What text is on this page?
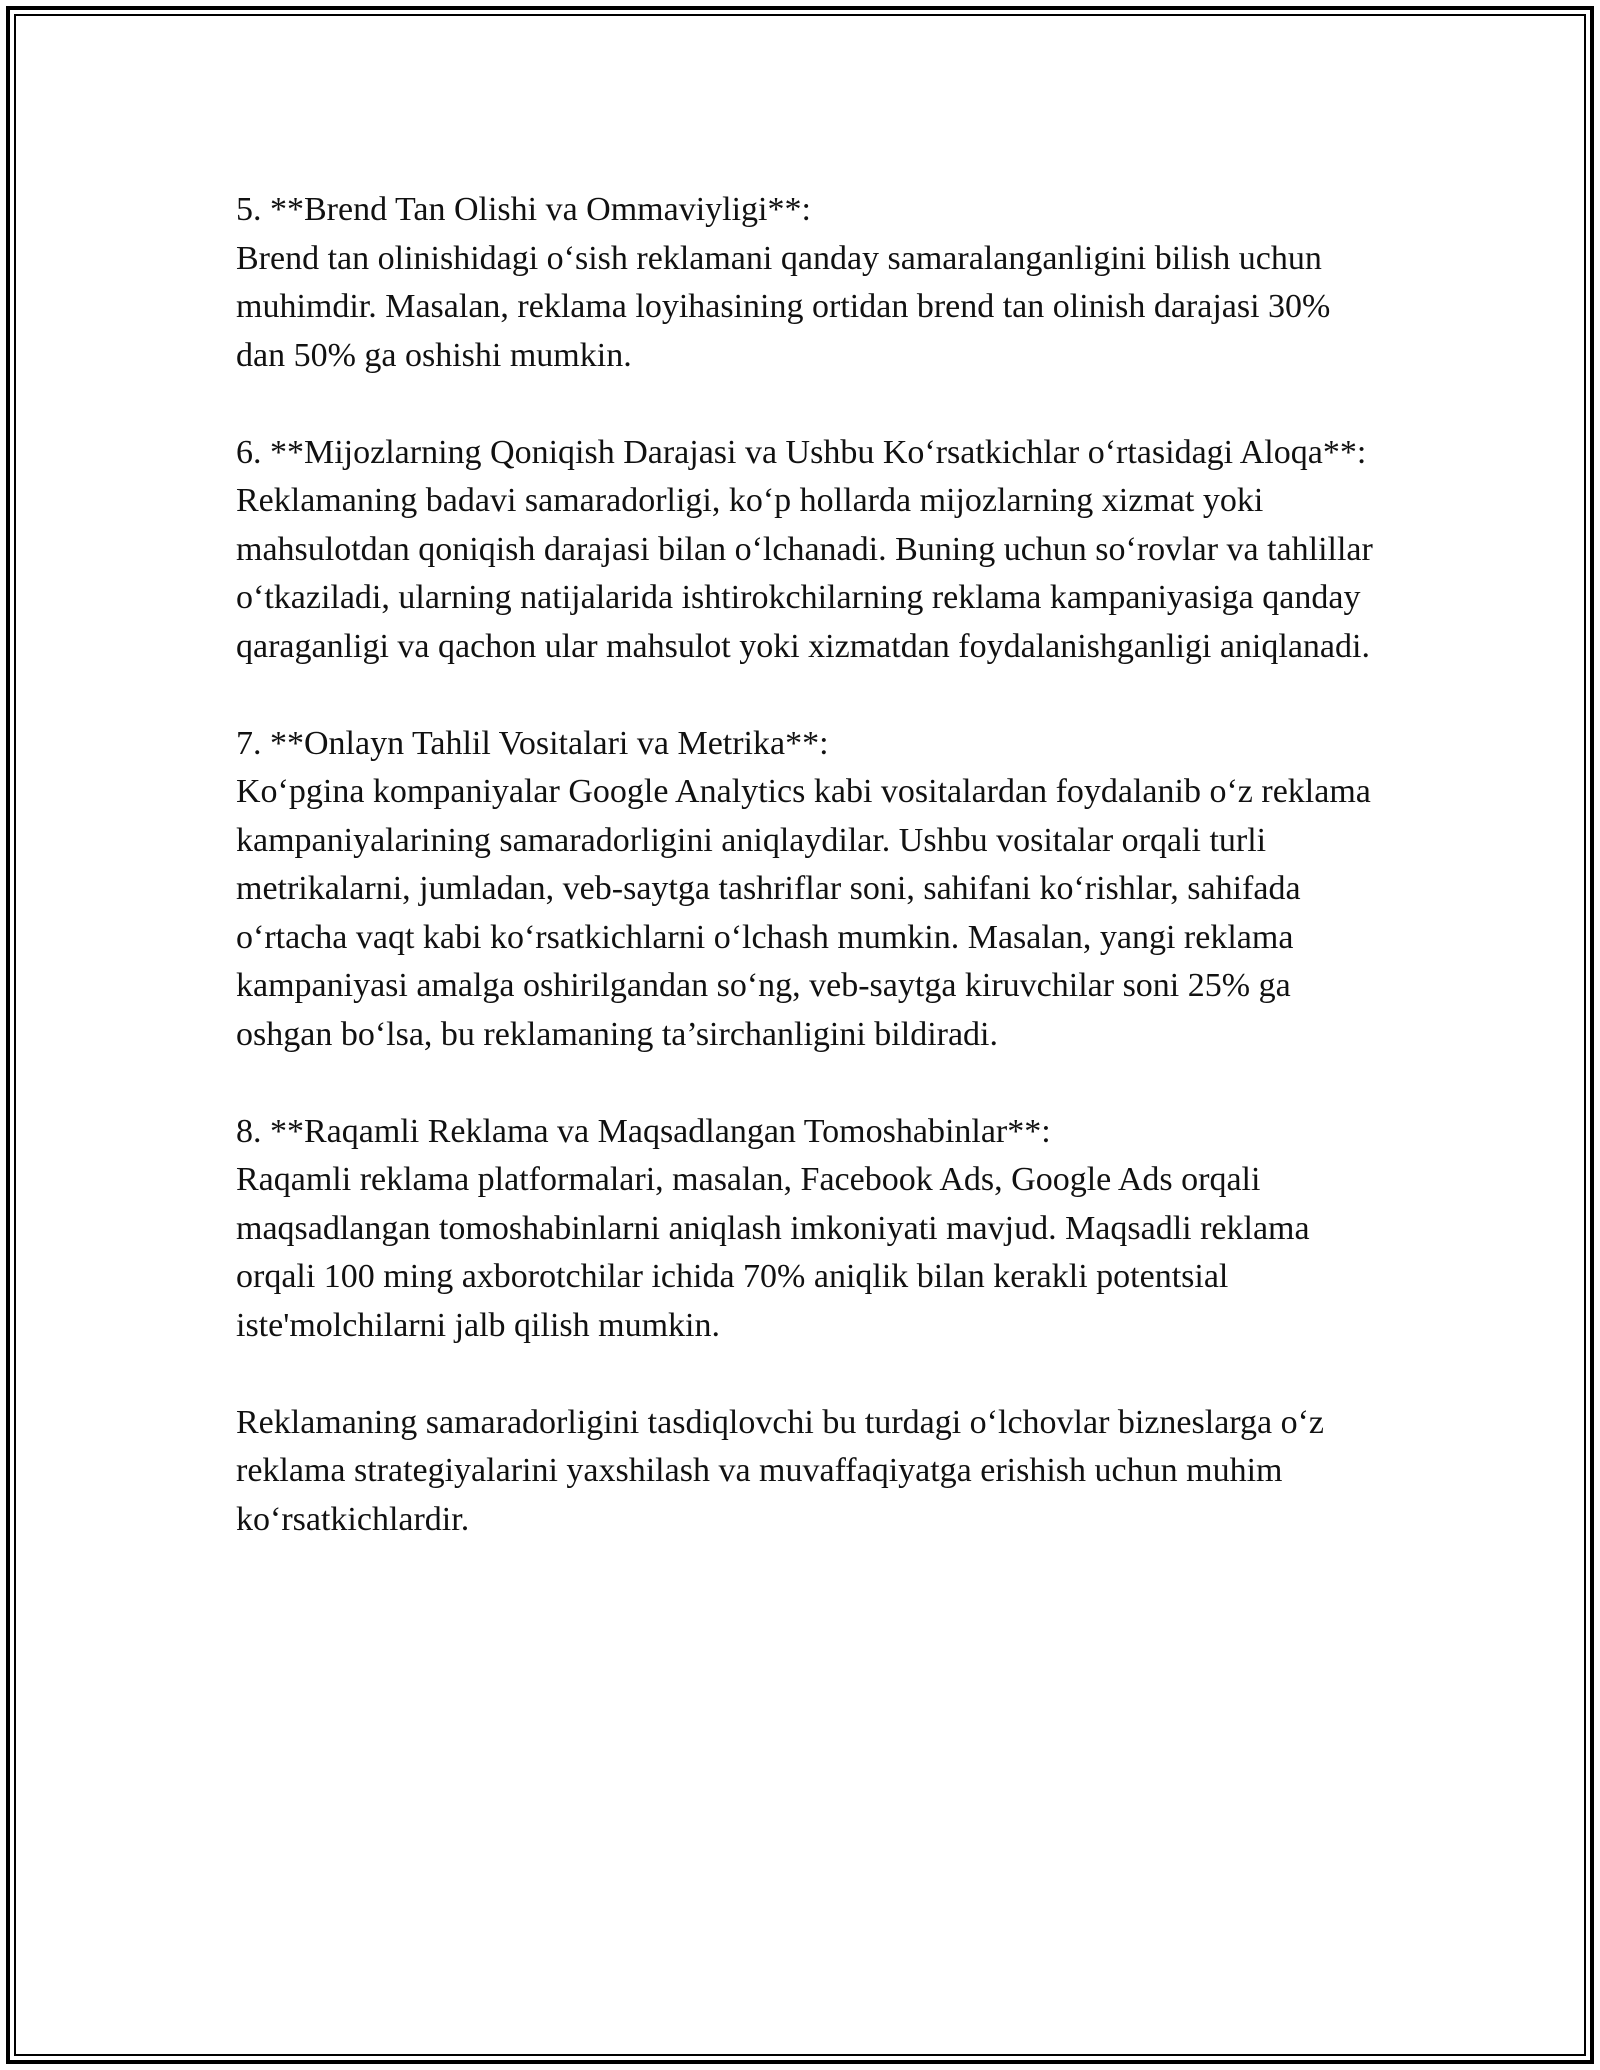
5. **Brend Tan Olishi va Ommaviyligi**:
Brend tan olinishidagi o‘sish reklamani qanday samaralanganligini bilish uchun muhimdir. Masalan, reklama loyihasining ortidan brend tan olinish darajasi 30% dan 50% ga oshishi mumkin.

6. **Mijozlarning Qoniqish Darajasi va Ushbu Ko‘rsatkichlar o‘rtasidagi Aloqa**:
Reklamaning badavi samaradorligi, ko‘p hollarda mijozlarning xizmat yoki mahsulotdan qoniqish darajasi bilan o‘lchanadi. Buning uchun so‘rovlar va tahlillar o‘tkaziladi, ularning natijalarida ishtirokchilarning reklama kampaniyasiga qanday qaraganligi va qachon ular mahsulot yoki xizmatdan foydalanishganligi aniqlanadi.

7. **Onlayn Tahlil Vositalari va Metrika**:
Ko‘pgina kompaniyalar Google Analytics kabi vositalardan foydalanib o‘z reklama kampaniyalarining samaradorligini aniqlaydilar. Ushbu vositalar orqali turli metrikalarni, jumladan, veb-saytga tashriflar soni, sahifani ko‘rishlar, sahifada o‘rtacha vaqt kabi ko‘rsatkichlarni o‘lchash mumkin. Masalan, yangi reklama kampaniyasi amalga oshirilgandan so‘ng, veb-saytga kiruvchilar soni 25% ga oshgan bo‘lsa, bu reklamaning ta’sirchanligini bildiradi.

8. **Raqamli Reklama va Maqsadlangan Tomoshabinlar**:
Raqamli reklama platformalari, masalan, Facebook Ads, Google Ads orqali maqsadlangan tomoshabinlarni aniqlash imkoniyati mavjud. Maqsadli reklama orqali 100 ming axborotchilar ichida 70% aniqlik bilan kerakli potentsial iste'molchilarni jalb qilish mumkin.

Reklamaning samaradorligini tasdiqlovchi bu turdagi o‘lchovlar bizneslarga o‘z reklama strategiyalarini yaxshilash va muvaffaqiyatga erishish uchun muhim ko‘rsatkichlardir.
